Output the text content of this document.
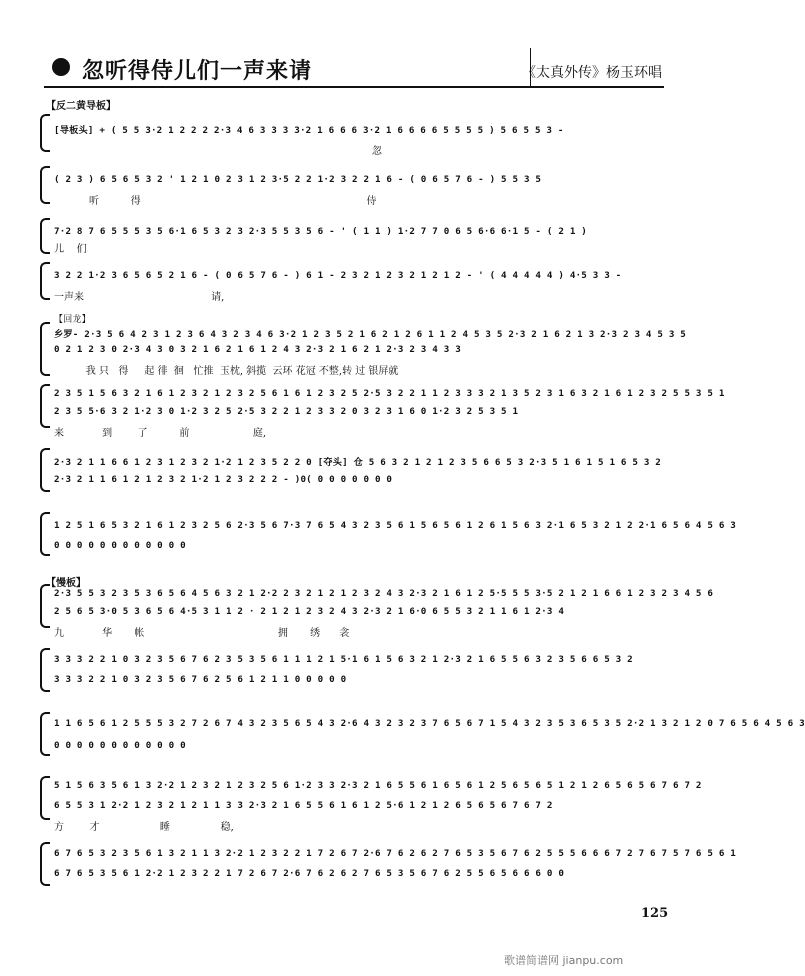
忽听得侍儿们一声来请	《太真外传》杨玉环唱
【反二黄导板】
[导板头] + ( 5 5 3·2 1 2 2 2 2·3 4 6 3 3 3 3·2 1 6 6 6 3·2 1 6 6 6 6 5 5 5 5 ) 5 6 5 5 3 -
忽
( 2 3 ) 6 5 6 5 3 2 ' 1 2 1 0 2 3 1 2 3·5 2 2 1·2 3 2 2 1 6 - ( 0 6 5 7 6 - ) 5 5 3 5
听          得                                                                       侍
7·2 8 7 6 5 5 5 3 5 6·1 6 5 3 2 3 2·3 5 5 3 5 6 - ' ( 1 1 ) 1·2 7 7 0 6 5 6·6 6·1 5 - ( 2 1 )
儿    们
3 2 2 1·2 3 6 5 6 5 2 1 6 - ( 0 6 5 7 6 - ) 6 1 - 2 3 2 1 2 3 2 1 2 1 2 - ' ( 4 4 4 4 4 ) 4·5 3 3 -
一声来                                        请,
【回龙】
乡罗- 2·3 5 6 4 2 3 1 2 3 6 4 3 2 3 4 6 3·2 1 2 3 5 2 1 6 2 1 2 6 1 1 2 4 5 3 5 2·3 2 1 6 2 1 3 2·3 2 3 4 5 3 5
0 2 1 2 3 0 2·3 4 3 0 3 2 1 6 2 1 6 1 2 4 3 2·3 2 1 6 2 1 2·3 2 3 4 3 3
我 只   得     起 徘  徊   忙推  玉枕, 斜揽  云环 花冠 不整,转 过 银屏就
2 3 5 1 5 6 3 2 1 6 1 2 3 2 1 2 3 2 5 6 1 6 1 2 3 2 5 2·5 3 2 2 1 1 2 3 3 3 2 1 3 5 2 3 1 6 3 2 1 6 1 2 3 2 5 5 3 5 1
2 3 5 5·6 3 2 1·2 3 0 1·2 3 2 5 2·5 3 2 2 1 2 3 3 2 0 3 2 3 1 6 0 1·2 3 2 5 3 5 1
来            到        了          前                    庭,
2·3 2 1 1 6 6 1 2 3 1 2 3 2 1·2 1 2 3 5 2 2 0 [夺头] 仓 5 6 3 2 1 2 1 2 3 5 6 6 5 3 2·3 5 1 6 1 5 1 6 5 3 2
2·3 2 1 1 6 1 2 1 2 3 2 1·2 1 2 3 2 2 2 - )0( 0 0 0 0 0 0 0
1 2 5 1 6 5 3 2 1 6 1 2 3 2 5 6 2·3 5 6 7·3 7 6 5 4 3 2 3 5 6 1 5 6 5 6 1 2 6 1 5 6 3 2·1 6 5 3 2 1 2 2·1 6 5 6 4 5 6 3
0 0 0 0 0 0 0 0 0 0 0 0
【慢板】
2·3 5 5 3 2 3 5 3 6 5 6 4 5 6 3 2 1 2·2 2 3 2 1 2 1 2 3 2 4 3 2·3 2 1 6 1 2 5·5 5 5 3·5 2 1 2 1 6 6 1 2 3 2 3 4 5 6
2 5 6 5 3·0 5 3 6 5 6 4·5 3 1 1 2 · 2 1 2 1 2 3 2 4 3 2·3 2 1 6·0 6 5 5 3 2 1 1 6 1 2·3 4
九            华       帐                                          拥       绣      衾
3 3 3 2 2 1 0 3 2 3 5 6 7 6 2 3 5 3 5 6 1 1 1 2 1 5·1 6 1 5 6 3 2 1 2·3 2 1 6 5 5 6 3 2 3 5 6 6 5 3 2
3 3 3 2 2 1 0 3 2 3 5 6 7 6 2 5 6 1 2 1 1 0 0 0 0 0
1 1 6 5 6 1 2 5 5 5 3 2 7 2 6 7 4 3 2 3 5 6 5 4 3 2·6 4 3 2 3 2 3 7 6 5 6 7 1 5 4 3 2 3 5 3 6 5 3 5 2·2 1 3 2 1 2 0 7 6 5 6 4 5 6 3
0 0 0 0 0 0 0 0 0 0 0 0
5 1 5 6 3 5 6 1 3 2·2 1 2 3 2 1 2 3 2 5 6 1·2 3 3 2·3 2 1 6 5 5 6 1 6 5 6 1 2 5 6 5 6 5 1 2 1 2 6 5 6 5 6 7 6 7 2
6 5 5 3 1 2·2 1 2 3 2 1 2 1 1 3 3 2·3 2 1 6 5 5 6 1 6 1 2 5·6 1 2 1 2 6 5 6 5 6 7 6 7 2
方        才                   睡                稳,
6 7 6 5 3 2 3 5 6 1 3 2 1 1 3 2·2 1 2 3 2 2 1 7 2 6 7 2·6 7 6 2 6 2 7 6 5 3 5 6 7 6 2 5 5 5 6 6 6 7 2 7 6 7 5 7 6 5 6 1
6 7 6 5 3 5 6 1 2·2 1 2 3 2 2 1 7 2 6 7 2·6 7 6 2 6 2 7 6 5 3 5 6 7 6 2 5 5 6 5 6 6 6 0 0
125
歌谱简谱网 jianpu.com
